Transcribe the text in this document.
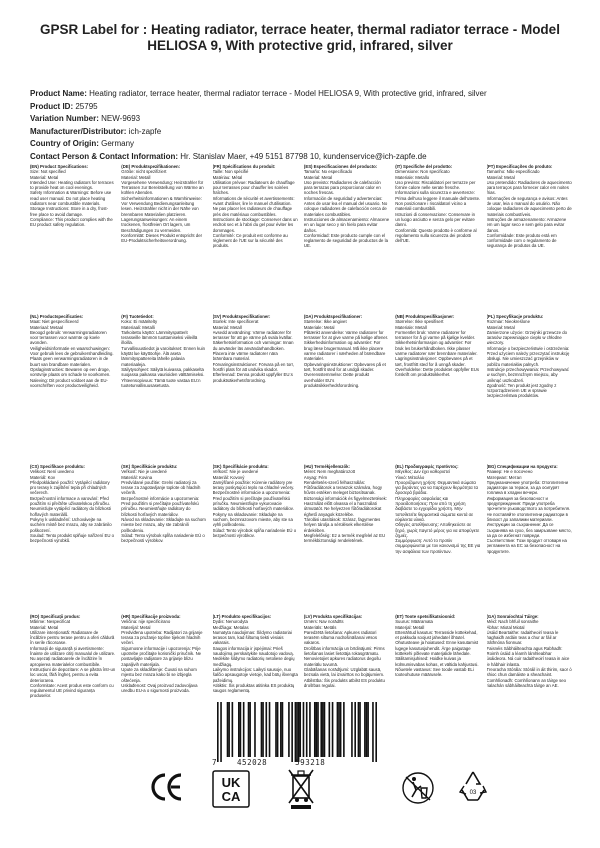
GPSR Label for : Heating radiator, terrace heater, thermal radiator terrace - Model HELIOSA 9, With protective grid, infrared, silver
Product Name: Heating radiator, terrace heater, thermal radiator terrace - Model HELIOSA 9, With protective grid, infrared, silver
Product ID: 25795
Variation Number: NEW-9693
Manufacturer/Distributor: ich-zapfe
Country of Origin: Germany
Contact Person & Contact Information: Hr. Stanislav Maer, +49 5151 87798 10, kundenservice@ich-zapfe.de
(EN) Product Specifications:
Size: Not specified
Material: Metal
Intended Use: Heating radiators for terraces to provide heat on cool evenings.
Safety Information & Warnings: Before use read user manual. Do not place heating radiators near combustible materials.
Storage Instructions: Store in a dry, frost-free place to avoid damage.
Compliance: This product complies with the EU product safety regulation.
(DE) Produktspezifikationen:
Größe: nicht spezifiziert
Material: Metall
Vorgesehene Verwendung: Heizstrahler für Terrassen zur Bereitstellung von Wärme an kühlen Abenden.
Sicherheitsinformationen & Warnhinweise: Vor Verwendung Bedienungsanleitung lesen. Heizstrahler nicht in der Nähe von brennbaren Materialien platzieren.
Lagerungsanweisungen: An einem trockenen, frostfreien Ort lagern, um Beschädigungen zu vermeiden.
Konformität: Dieses Produkt entspricht der EU-Produktsicherheitsverordnung.
(FR) Spécifications du produit:
Taille: Non spécifié
Matériau: Métal
Utilisation prévue: Radiateurs de chauffage pour terrasses pour chauffer les soirées fraîches.
Informations de sécurité et avertissements: Avant d'utiliser, lire le manuel d'utilisation. Ne pas placer les radiateurs de chauffage près des matériaux combustibles.
Instructions de stockage: Conserver dans un endroit sec et à l'abri du gel pour éviter les dommages.
Conformité: Ce produit est conforme au règlement de l'UE sur la sécurité des produits.
(ES) Especificaciones del producto:
Tamaño: No especificado
Material: Metal
Uso previsto: Radiadores de calefacción para terrazas para proporcionar calor en noches frescas.
Información de seguridad y advertencias: Antes de usar lea el manual del usuario. No coloque radiadores de calefacción cerca de materiales combustibles.
Instrucciones de almacenamiento: Almacene en un lugar seco y sin hielo para evitar daños.
Conformidad: Este producto cumple con el reglamento de seguridad de productos de la UE.
(IT) Specifiche del prodotto:
Dimensione: Non specificato
Materiale: Metallo
Uso previsto: Riscaldatori per terrazze per fornire calore nelle serate fresche.
Informazioni sulla sicurezza e avvertenze: Prima dell'uso leggere il manuale dell'utente. Non posizionare i riscaldatori vicino a materiali combustibili.
Istruzioni di conservazione: Conservare in un luogo asciutto e senza gelo per evitare danni.
Conformità: Questo prodotto è conforme al regolamento sulla sicurezza dei prodotti dell'UE.
(PT) Especificações do produto:
Tamanho: Não especificado
Material: Metal
Uso pretendido: Radiadores de aquecimento para terraços para fornecer calor em noites frias.
Informações de segurança e avisos: Antes de usar, leia o manual do usuário. Não coloque radiadores de aquecimento perto de materiais combustíveis.
Instruções de armazenamento: Armazene em um lugar seco e sem gelo para evitar danos.
Conformidade: Este produto está em conformidade com o regulamento de segurança de produtos da UE.
(NL) Productspecificaties:
Maat: Niet gespecificeerd
Materiaal: Metaal
Beoogd gebruik: Verwarmingsradiatoren voor terrassen voor warmte op koele avonden.
Veiligheidsinformatie en waarschuwingen: Voor gebruik lees de gebruikershandleiding. Plaats geen verwarmingsradiatoren in de buurt van brandbare materialen.
Opslaginstructies: Bewaren op een droge, vorstvrije plaats om schade te voorkomen.
Naleving: Dit product voldoet aan de EU-voorschriften voor productveiligheid.
(FI) Tuotetiedot:
Koko: Ei määritelty
Materiaali: Metalli
Tarkoitettu käyttö: Lämmityspatterit terasseille lämmön tuottamiseksi viileillä illoilla.
Turvallisuustiedot ja varoitukset: Ennen kuin käytät lue käyttöohje. Älä aseta lämmityspattereita lähelle palavia materiaaleja.
Säilytysohjeet: Säilytä kuivassa, pakkaselta suojassa paikassa vaurioiden välttämiseksi.
Yhteensopivuus: Tämä tuote vastaa EU:n tuoteturvallisuusasetusta.
(SV) Produktspecifikationer:
Storlek: Inte specificerat
Material: Metall
Avsedd användning: Värme radiatorer för terrasser för att ge värme på svala kvällar.
Säkerhetsinformation och varningar: Innan du använder läs användarhandboken. Placera inte värme radiatorer nära brännbara material.
Förvaringsinstruktioner: Förvara på en torr, frostfri plats för att undvika skador.
Efterlevnad: Denna produkt uppfyller EU:s produktsäkerhetsförordning.
(DA) Produktspecifikationer:
Størrelse: Ikke angivet
Materiale: Metal
Påtænkt anvendelse: Varme radiatorer for terrasser for at give varme på kølige aftener.
Sikkerhedsinformation og advarsler: Før brug læse brugermanual. Må ikke placere varme radiatorer i nærheden af brændbare materialer.
Opbevaringsinstruktioner: Opbevares på et tørt, frostfrit sted for at undgå skader.
Overensstemmelse: Dette produkt overholder EU's produktsikkerhedsforordning.
(NB) Produktspesifikasjoner:
Størrelse: Ikke spesifisert
Materiale: Metall
Formentlet bruk: Varme radiatorer for terrasser for å gi varme på kjølige kvelder.
Sikkerhetsinformasjon og advarsler: Før bruk les brukerhåndboken. Ikke plasser varme radiatorer nær brennbare materialer.
Lagringsinstruksjoner: Oppbevares på et tørt, frostfritt sted for å unngå skader.
Overholdelse: Dette produktet oppfyller EUs forskrift om produktsikkerhet.
(PL) Specyfikacje produktu:
Rozmiar: Nieokreślone
Materiał: Metal
Zamierzone użycie: Grzejniki grzewcze do tarasów zapewniające ciepło w chłodne wieczory.
Informacje o bezpieczeństwie i ostrzeżenia: Przed użyciem należy przeczytać instrukcję obsługi. Nie umieszczać grzejników w pobliżu materiałów palnych.
Instrukcje przechowywania: Przechowywać w suchym, bezmroźnym miejscu, aby uniknąć uszkodzeń.
Zgodność: Ten produkt jest zgodny z rozporządzeniem UE w sprawie bezpieczeństwa produktów.
(CS) Specifikace produktu:
Velikost: Není uvedeno
Materiál: Kov
Předpokládané použití: Vytápěcí radiátory pro terasy k zajištění tepla při chladných večerech.
Bezpečnostní informace a varování: Před použitím si přečtěte uživatelskou příručku. Neumisťujte vytápěcí radiátory do blízkosti hořlavých materiálů.
Pokyny k uskladnění: Uchovávejte na suchém místě bez mrazu, aby se zabránilo poškození.
Soulad: Tento produkt splňuje nařízení EU o bezpečnosti výrobků.
(SK) Špecifikácie produktu:
Veľkosť: Nie je uvedené
Materiál: Kovina
Predvídané použitie: Grelni radiatorji za terase za zagotavljanje toplote ob hladnih večerih.
Bezpečnostné informácie a upozornenia: Pred použitím si prečítajte používateľskú príručku. Neumiestňujte radiátory do blízkosti horľavých materiálov.
Návod na skladovanie: Skladujte na suchom mieste bez mrazu, aby ste zabránili poškodeniu.
Súlad: Tento výrobok spĺňa nariadenie EÚ o bezpečnosti výrobkov.
(SK) Špecifikácie produktu:
Veľkosť: Nie je uvedené
Materiál: Kovový
Zamýšľané použitie: Kúrenie radiátory pre terasy poskytujúci teplo na chladné večery.
Bezpečnostné informácie a upozornenia: Pred použitím si prečítajte používateľskú príručku. Neumiestňujte vykurovacie radiátory do blízkosti horľavých materiálov.
Pokyny na skladovanie: Skladujte na suchom, bezmrazovom mieste, aby ste sa vyhli poškodeniu.
Súlad: Tento výrobok spĺňa nariadenie EÚ o bezpečnosti výrobkov.
(HU) Termékjellemzők:
Méret: Nem meghatározott
Anyag: Fém
Rendeltetés-szerű felhasználás: Fűtőradiátorok a teraszok számára, hogy hűvös estéken meleget biztosítsanak.
Biztonsági információk és figyelmeztetések: Használat előtt olvassa el a használati útmutatót. Ne helyezzen fűtőradiátorokat éghető anyagok közelébe.
Tárolási utasítások: Száraz, fagymentes helyen tárolja a sérülések elkerülése érdekében.
Megfelelőség: Ez a termék megfelel az EU termékbiztonsági rendeletének.
(EL) Προδιαγραφές προϊόντος:
Μέγεθος: Δεν έχει καθοριστεί
Υλικό: Μέταλλο
Προοριζόμενη χρήση: Θερμαντικά σώματα για βεράντες για να παρέχουν θερμότητα τα δροσερά βράδια.
Πληροφορίες ασφαλείας και προειδοποιήσεις: Πριν από τη χρήση διαβάστε το εγχειρίδιο χρήστη. Μην τοποθετείτε θερμαντικά σώματα κοντά σε εύφλεκτα υλικά.
Οδηγίες αποθήκευσης: Αποθηκεύστε σε ξηρό, χωρίς παγετό μέρος για να αποφύγετε ζημιές.
Συμμόρφωση: Αυτό το προϊόν συμμορφώνεται με τον κανονισμό της ΕΕ για την ασφάλεια των προϊόντων.
(BG) Спецификации на продукта:
Размер: Не е посочено
Материал: Метал
Предназначение употреба: Отоплителни радиатори за тераси, за да осигурят топлина в хладни вечери.
Информация за безопасност и предупреждения: Преди употреба прочетете ръководството за потребителя. Не поставяйте отоплителни радиатори в близост до запалими материали.
Инструкции за съхранение: Да се съхранява на сухо, без замръзване място, за да се избегнат повреди.
Съответствие: Този продукт отговаря на регламента на ЕС за безопасност на продуктите.
(RO) Specificații produs:
Mărime: Nespecificat
Material: Metal
Utilizare intenționată: Radiatoare de încălzire pentru terase pentru a oferi căldură în serile răcoroase.
Informații de siguranță și avertismente: Înainte de utilizare citiți manualul de utilizare. Nu așezați radiatoarele de încălzire în apropierea materialelor combustibile.
Instrucțiuni de depozitare: A se păstra într-un loc uscat, fără îngheț, pentru a evita deteriorarea.
Conformitate: Acest produs este conform cu regulamentul UE privind siguranța produselor.
(HR) Specifikacije proizvoda:
Veličina: nije specificirano
Materijal: Metal
Predviđena upotreba: Radijatori za grijanje terasa za pružanje topline tijekom hladnih večeri.
Sigurnosne informacije i upozorenja: Prije upotrebe pročitajte korisnički priručnik. Ne postavljajte radijatore za grijanje blizu zapaljivih materijala.
Upute za skladištenje: Čuvati na suhom mjestu bez mraza kako bi se izbjegla oštećenja.
Usklađenost: Ovaj proizvod zadovoljava uredbu EU-a o sigurnosti proizvoda.
(LT) Produkto specifikacijos:
Dydis: Nenurodyta
Medžiaga: Metalas
Numatyta naudojimas: Šildymo radiatoriai terasos tam, kad šiltumą tiekti vėsiais vakarais.
Saugos informacija ir įspėjimai: Prieš naudojimą perskaitykite naudotojo vadovą. Nedėkite šildymo radiatorių netoliese degių medžiagų.
Laikymo instrukcijos: Laikyti sausoje, nuo šalčio apsaugotoje vietoje, kad būtų išvengta pažeidimų.
Atitiktis: Šis produktas atitinka ES produktų saugos reglamentą.
(LV) Produkta specifikācijas:
Izmērs: Nav norādīts
Materiāls: Metāls
Paredzētā lietošana: Apkures radiatori terasēm siltuma nodrošināšanai vēsos vakaros.
Drošības informācija un brīdinājumi: Pirms lietošanas lasiet lietotāja rokasgrāmatu. Nenovietojiet apkures radiatorus degošu materiālu tuvumā.
Glabāšanas norādījumi: Uzglabāt sausā, bezsala vietā, lai izvairītos no bojājumiem.
Atbilstība: Šis produkts atbilst ES produktu drošības regulai.
(ET) Toote spetsifikatsioonid:
Suurus: Määramata
Materjal: Metall
Ettenähtud kasutus: Terrasside küttekehad, et pakkuda soojust jahedatel õhtutel.
Ohutusteave ja hoiatused: Enne kasutamist lugege kasutusjuhendit. Ärge paigutage küttekehi põlevate materjalide lähedale.
Säilitamisjuhised: Hoidke kuivas ja külmumisvabas kohas, et vältida kahjustusi.
Nõuetele vastavus: See toode vastab ELi tooteohutuse määrusele.
(GA) Sonraíochtaí Táirge:
Méid: Nach bhfuil sonraithe
Ábhar: Miotal Miotal
Úsáid Beartaithe: radaitheoirí teasa le haghaidh ardáin teas a chur ar fáil ar tráthnóna fionnuar.
Faisnéis Sábháilteachta agus Rabhadh: Roimh úsáid a léamh lámhleabhar úsáideora. Ná cuir radaitheoirí teasa in aice le hábhair inlasta.
Treoracha Stórála: Stóráil in áit thirim, saor ó shioc chun damáiste a sheachaint.
Comhlíonadh: Comhlíonann an táirge seo rialachán sábháilteachta táirge an AE.
7	452028	593218
UK
CA	03
